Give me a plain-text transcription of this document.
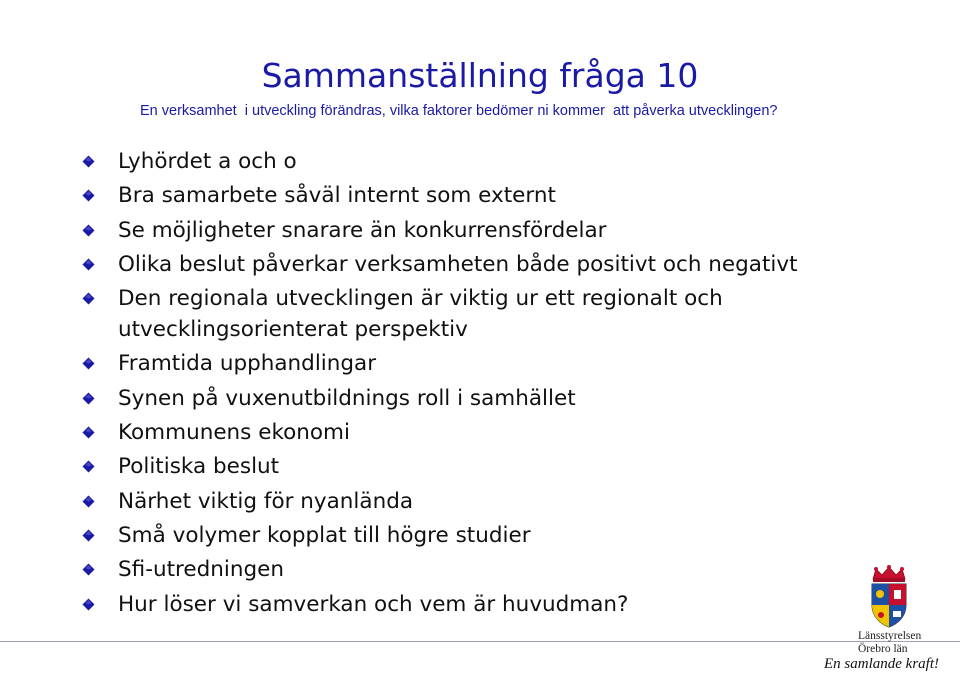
Sammanställning fråga 10
En verksamhet  i utveckling förändras, vilka faktorer bedömer ni kommer  att påverka utvecklingen?
Lyhördet a och o
Bra samarbete såväl internt som externt
Se möjligheter snarare än konkurrensfördelar
Olika beslut påverkar verksamheten både positivt och negativt
Den regionala utvecklingen är viktig ur ett regionalt och utvecklingsorienterat perspektiv
Framtida upphandlingar
Synen på vuxenutbildnings roll i samhället
Kommunens ekonomi
Politiska beslut
Närhet viktig för nyanlända
Små volymer kopplat till högre studier
Sfi-utredningen
Hur löser vi samverkan och vem är huvudman?
Länsstyrelsen
Örebro län
En samlande kraft!
